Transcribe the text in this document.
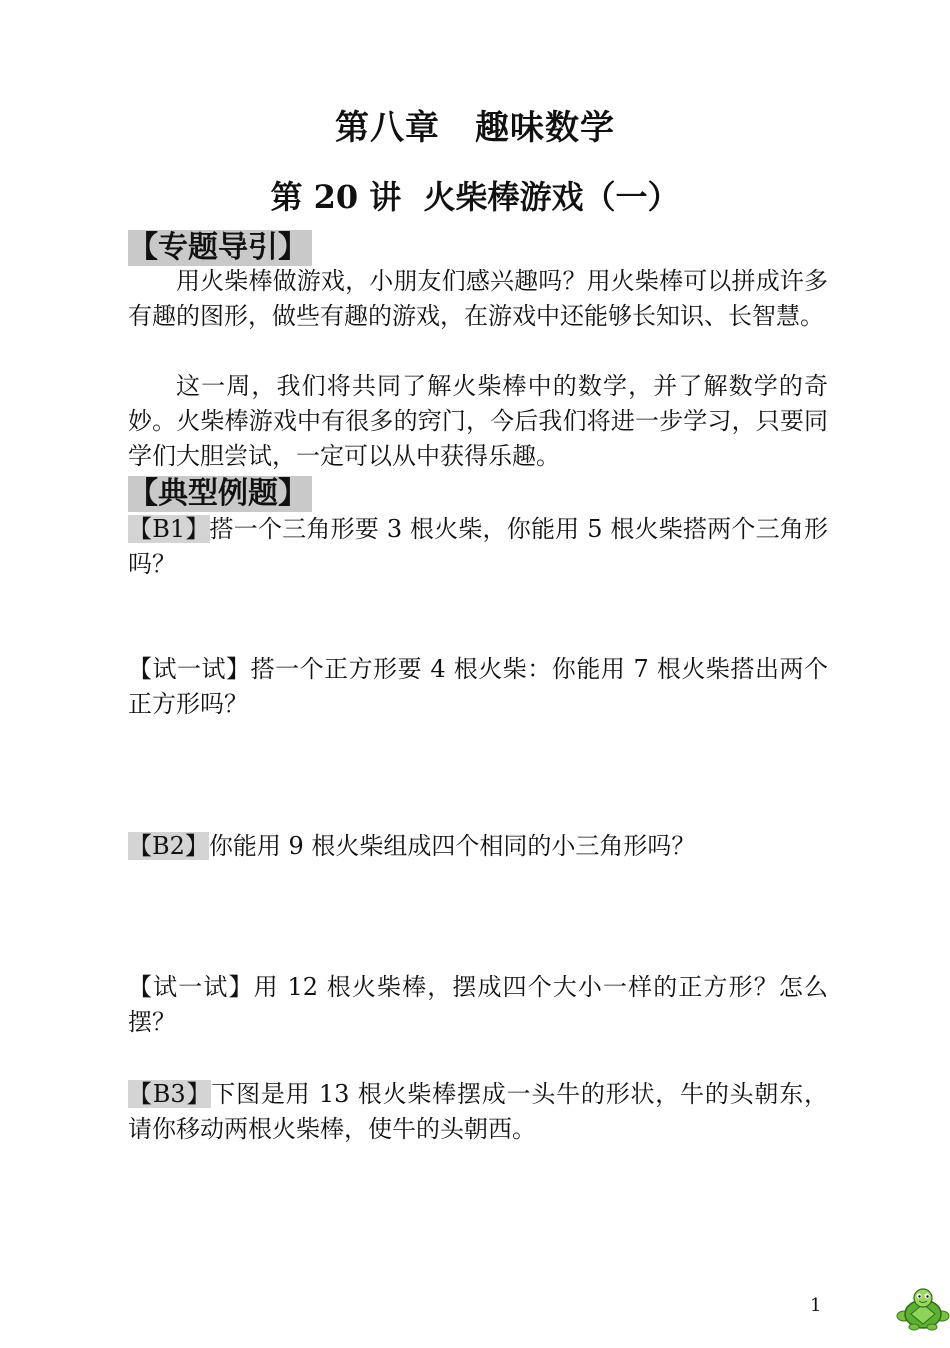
第八章　趣味数学
第 20 讲  火柴棒游戏（一）
【专题导引】

用火柴棒做游戏，小朋友们感兴趣吗？用火柴棒可以拼成许多有趣的图形，做些有趣的游戏，在游戏中还能够长知识、长智慧。

这一周，我们将共同了解火柴棒中的数学，并了解数学的奇妙。火柴棒游戏中有很多的窍门，今后我们将进一步学习，只要同学们大胆尝试，一定可以从中获得乐趣。

【典型例题】

【B1】搭一个三角形要 3 根火柴，你能用 5 根火柴搭两个三角形吗？

【试一试】搭一个正方形要 4 根火柴：你能用 7 根火柴搭出两个正方形吗？

【B2】你能用 9 根火柴组成四个相同的小三角形吗？

【试一试】用 12 根火柴棒，摆成四个大小一样的正方形？怎么摆？

【B3】下图是用 13 根火柴棒摆成一头牛的形状，牛的头朝东，请你移动两根火柴棒，使牛的头朝西。

1
